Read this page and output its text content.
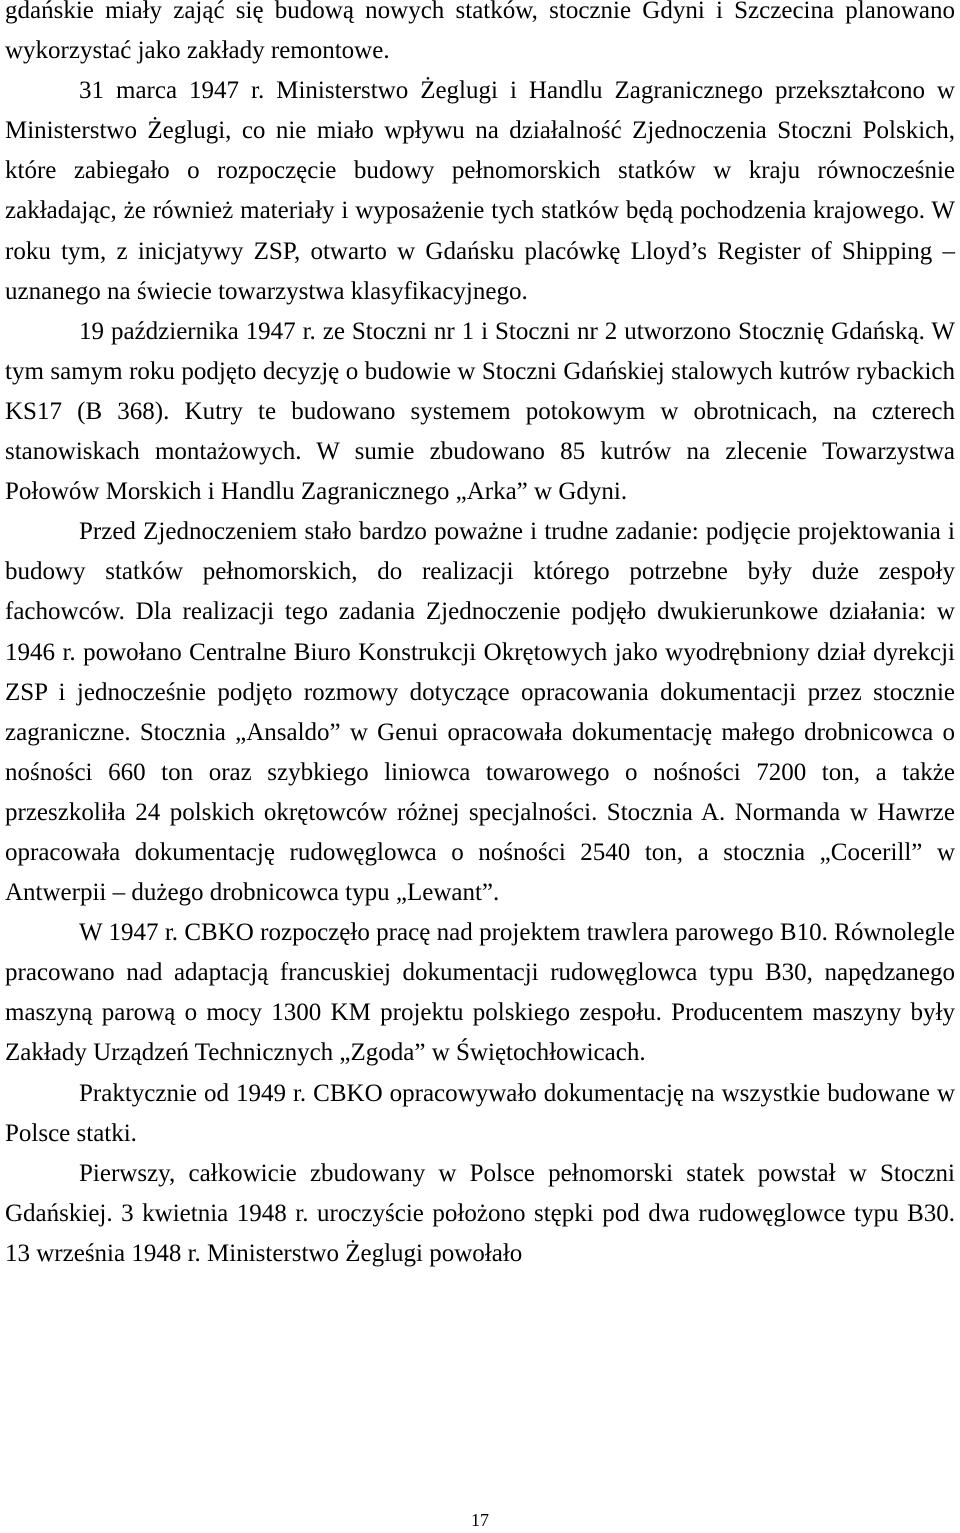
gdańskie miały zająć się budową nowych statków, stocznie Gdyni i Szczecina planowano wykorzystać jako zakłady remontowe.

31 marca 1947 r. Ministerstwo Żeglugi i Handlu Zagranicznego przekształcono w Ministerstwo Żeglugi, co nie miało wpływu na działalność Zjednoczenia Stoczni Polskich, które zabiegało o rozpoczęcie budowy pełnomorskich statków w kraju równocześnie zakładając, że również materiały i wyposażenie tych statków będą pochodzenia krajowego. W roku tym, z inicjatywy ZSP, otwarto w Gdańsku placówkę Lloyd’s Register of Shipping – uznanego na świecie towarzystwa klasyfikacyjnego.

19 października 1947 r. ze Stoczni nr 1 i Stoczni nr 2 utworzono Stocznię Gdańską. W tym samym roku podjęto decyzję o budowie w Stoczni Gdańskiej stalowych kutrów rybackich KS17 (B 368). Kutry te budowano systemem potokowym w obrotnicach, na czterech stanowiskach montażowych. W sumie zbudowano 85 kutrów na zlecenie Towarzystwa Połowów Morskich i Handlu Zagranicznego „Arka” w Gdyni.

Przed Zjednoczeniem stało bardzo poważne i trudne zadanie: podjęcie projektowania i budowy statków pełnomorskich, do realizacji którego potrzebne były duże zespoły fachowców. Dla realizacji tego zadania Zjednoczenie podjęło dwukierunkowe działania: w 1946 r. powołano Centralne Biuro Konstrukcji Okrętowych jako wyodrębniony dział dyrekcji ZSP i jednocześnie podjęto rozmowy dotyczące opracowania dokumentacji przez stocznie zagraniczne. Stocznia „Ansaldo” w Genui opracowała dokumentację małego drobnicowca o nośności 660 ton oraz szybkiego liniowca towarowego o nośności 7200 ton, a także przeszkoliła 24 polskich okrętowców różnej specjalności. Stocznia A. Normanda w Hawrze opracowała dokumentację rudowęglowca o nośności 2540 ton, a stocznia „Cocerill” w Antwerpii – dużego drobnicowca typu „Lewant”.

W 1947 r. CBKO rozpoczęło pracę nad projektem trawlera parowego B10. Równolegle pracowano nad adaptacją francuskiej dokumentacji rudowęglowca typu B30, napędzanego maszyną parową o mocy 1300 KM projektu polskiego zespołu. Producentem maszyny były Zakłady Urządzeń Technicznych „Zgoda” w Świętochłowicach.

Praktycznie od 1949 r. CBKO opracowywało dokumentację na wszystkie budowane w Polsce statki.

Pierwszy, całkowicie zbudowany w Polsce pełnomorski statek powstał w Stoczni Gdańskiej. 3 kwietnia 1948 r. uroczyście położono stępki pod dwa rudowęglowce typu B30. 13 września 1948 r. Ministerstwo Żeglugi powołało

17
